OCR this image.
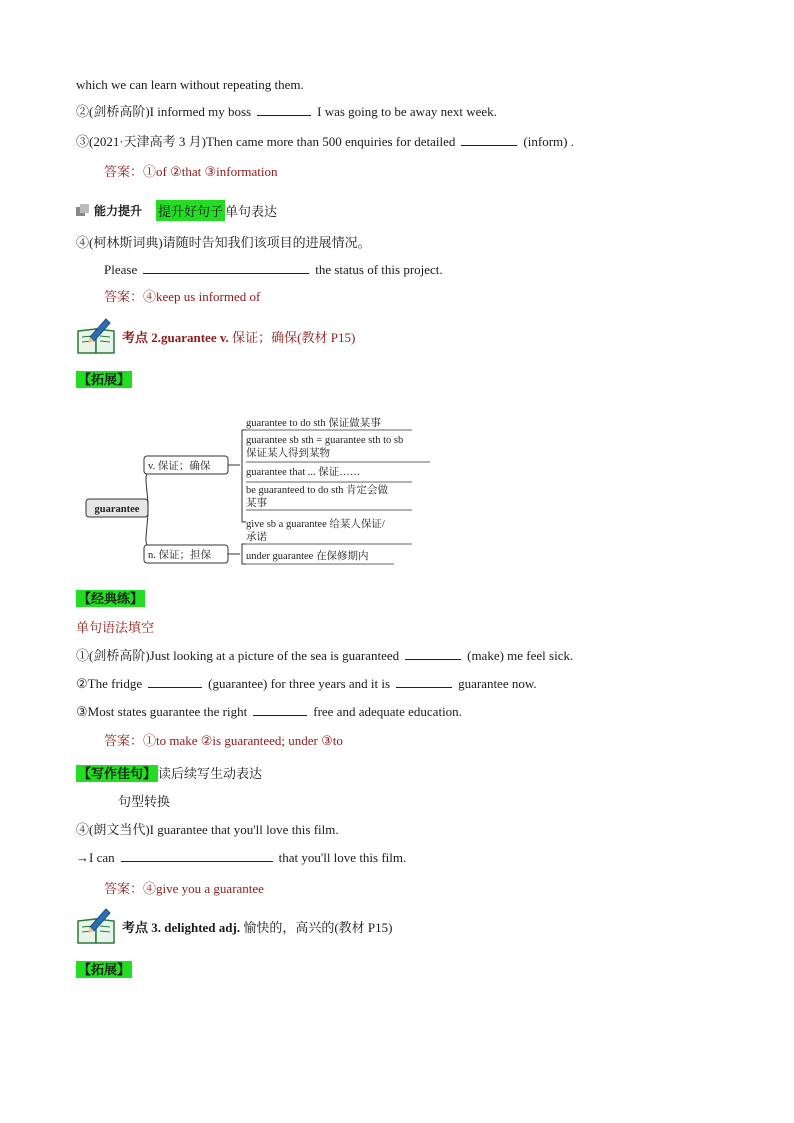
which we can learn without repeating them.
②(剑桥高阶)I informed my boss	I was going to be away next week.
③(2021·天津高考 3 月)Then came more than 500 enquiries for detailed	(inform) .
答案：①of ②that ③information
能力提升 提升好句子 单句表达
④(柯林斯词典)请随时告知我们该项目的进展情况。
Please	the status of this project.
答案：④keep us informed of
考点 2.guarantee v. 保证；确保(教材 P15)
【拓展】
guarantee
v. 保证；确保
n. 保证；担保
guarantee to do sth 保证做某事
guarantee sb sth = guarantee sth to sb
保证某人得到某物
guarantee that ... 保证……
be guaranteed to do sth 肯定会做
某事
give sb a guarantee 给某人保证/
承诺
under guarantee 在保修期内
【经典练】
单句语法填空
①(剑桥高阶)Just looking at a picture of the sea is guaranteed	(make) me feel sick.
②The fridge	(guarantee) for three years and it is	guarantee now.
③Most states guarantee the right	free and adequate education.
答案：①to make ②is guaranteed; under ③to
【写作佳句】 读后续写生动表达
句型转换
④(朗文当代)I guarantee that you'll love this film.
→I can	that you'll love this film.
答案：④give you a guarantee
考点 3. delighted adj. 愉快的，高兴的(教材 P15)
【拓展】
